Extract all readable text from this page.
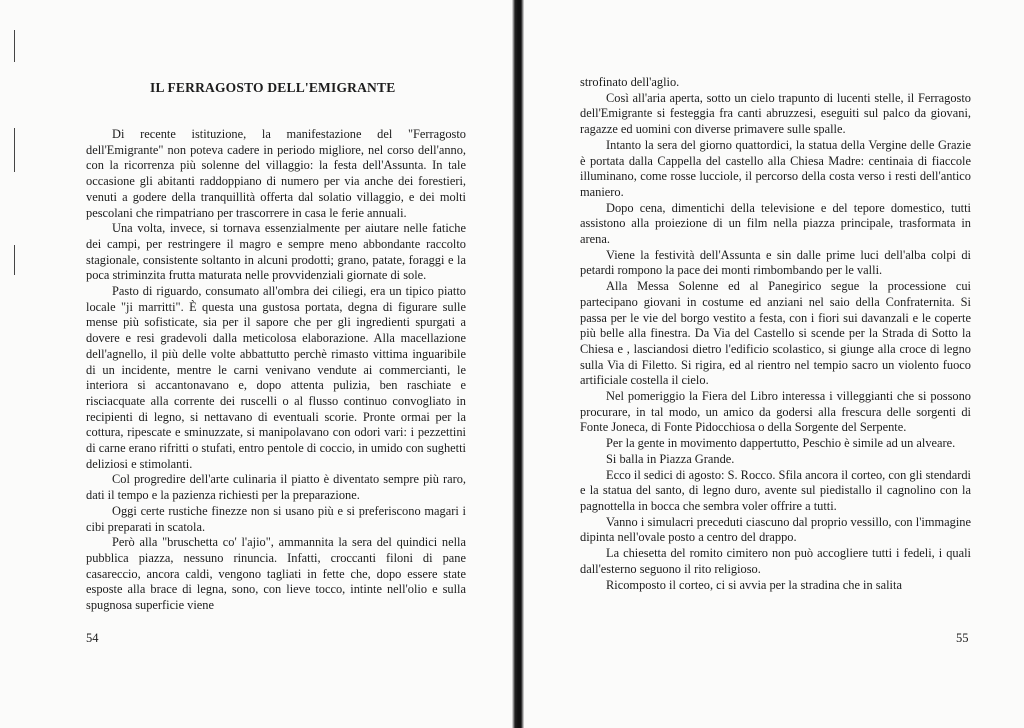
IL FERRAGOSTO DELL'EMIGRANTE

Di recente istituzione, la manifestazione del "Ferragosto dell'Emigrante" non poteva cadere in periodo migliore, nel corso dell'anno, con la ricorrenza più solenne del villaggio: la festa dell'Assunta. In tale occasione gli abitanti raddoppiano di numero per via anche dei forestieri, venuti a godere della tranquillità offerta dal solatio villaggio, e dei molti pescolani che rimpatriano per trascorrere in casa le ferie annuali.

Una volta, invece, si tornava essenzialmente per aiutare nelle fatiche dei campi, per restringere il magro e sempre meno abbondante raccolto stagionale, consistente soltanto in alcuni prodotti; grano, patate, foraggi e la poca striminzita frutta maturata nelle provvidenziali giornate di sole.

Pasto di riguardo, consumato all'ombra dei ciliegi, era un tipico piatto locale "ji marritti". È questa una gustosa portata, degna di figurare sulle mense più sofisticate, sia per il sapore che per gli ingredienti spurgati a dovere e resi gradevoli dalla meticolosa elaborazione. Alla macellazione dell'agnello, il più delle volte abbattutto perchè rimasto vittima inguaribile di un incidente, mentre le carni venivano vendute ai commercianti, le interiora si accantonavano e, dopo attenta pulizia, ben raschiate e risciacquate alla corrente dei ruscelli o al flusso continuo convogliato in recipienti di legno, si nettavano di eventuali scorie. Pronte ormai per la cottura, ripescate e sminuzzate, si manipolavano con odori vari: i pezzettini di carne erano rifritti o stufati, entro pentole di coccio, in umido con sughetti deliziosi e stimolanti.

Col progredire dell'arte culinaria il piatto è diventato sempre più raro, dati il tempo e la pazienza richiesti per la preparazione.

Oggi certe rustiche finezze non si usano più e si preferiscono magari i cibi preparati in scatola.

Però alla "bruschetta co' l'ajio", ammannita la sera del quindici nella pubblica piazza, nessuno rinuncia. Infatti, croccanti filoni di pane casareccio, ancora caldi, vengono tagliati in fette che, dopo essere state esposte alla brace di legna, sono, con lieve tocco, intinte nell'olio e sulla spugnosa superficie viene

54

strofinato dell'aglio.

Così all'aria aperta, sotto un cielo trapunto di lucenti stelle, il Ferragosto dell'Emigrante si festeggia fra canti abruzzesi, eseguiti sul palco da giovani, ragazze ed uomini con diverse primavere sulle spalle.

Intanto la sera del giorno quattordici, la statua della Vergine delle Grazie è portata dalla Cappella del castello alla Chiesa Madre: centinaia di fiaccole illuminano, come rosse lucciole, il percorso della costa verso i resti dell'antico maniero.

Dopo cena, dimentichi della televisione e del tepore domestico, tutti assistono alla proiezione di un film nella piazza principale, trasformata in arena.

Viene la festività dell'Assunta e sin dalle prime luci dell'alba colpi di petardi rompono la pace dei monti rimbombando per le valli.

Alla Messa Solenne ed al Panegirico segue la processione cui partecipano giovani in costume ed anziani nel saio della Confraternita. Si passa per le vie del borgo vestito a festa, con i fiori sui davanzali e le coperte più belle alla finestra. Da Via del Castello si scende per la Strada di Sotto la Chiesa e , lasciandosi dietro l'edificio scolastico, si giunge alla croce di legno sulla Via di Filetto. Si rigira, ed al rientro nel tempio sacro un violento fuoco artificiale costella il cielo.

Nel pomeriggio la Fiera del Libro interessa i villeggianti che si possono procurare, in tal modo, un amico da godersi alla frescura delle sorgenti di Fonte Joneca, di Fonte Pidocchiosa o della Sorgente del Serpente.

Per la gente in movimento dappertutto, Peschio è simile ad un alveare.

Si balla in Piazza Grande.

Ecco il sedici di agosto: S. Rocco. Sfila ancora il corteo, con gli stendardi e la statua del santo, di legno duro, avente sul piedistallo il cagnolino con la pagnottella in bocca che sembra voler offrire a tutti.

Vanno i simulacri preceduti ciascuno dal proprio vessillo, con l'immagine dipinta nell'ovale posto a centro del drappo.

La chiesetta del romito cimitero non può accogliere tutti i fedeli, i quali dall'esterno seguono il rito religioso.

Ricomposto il corteo, ci si avvia per la stradina che in salita

55
